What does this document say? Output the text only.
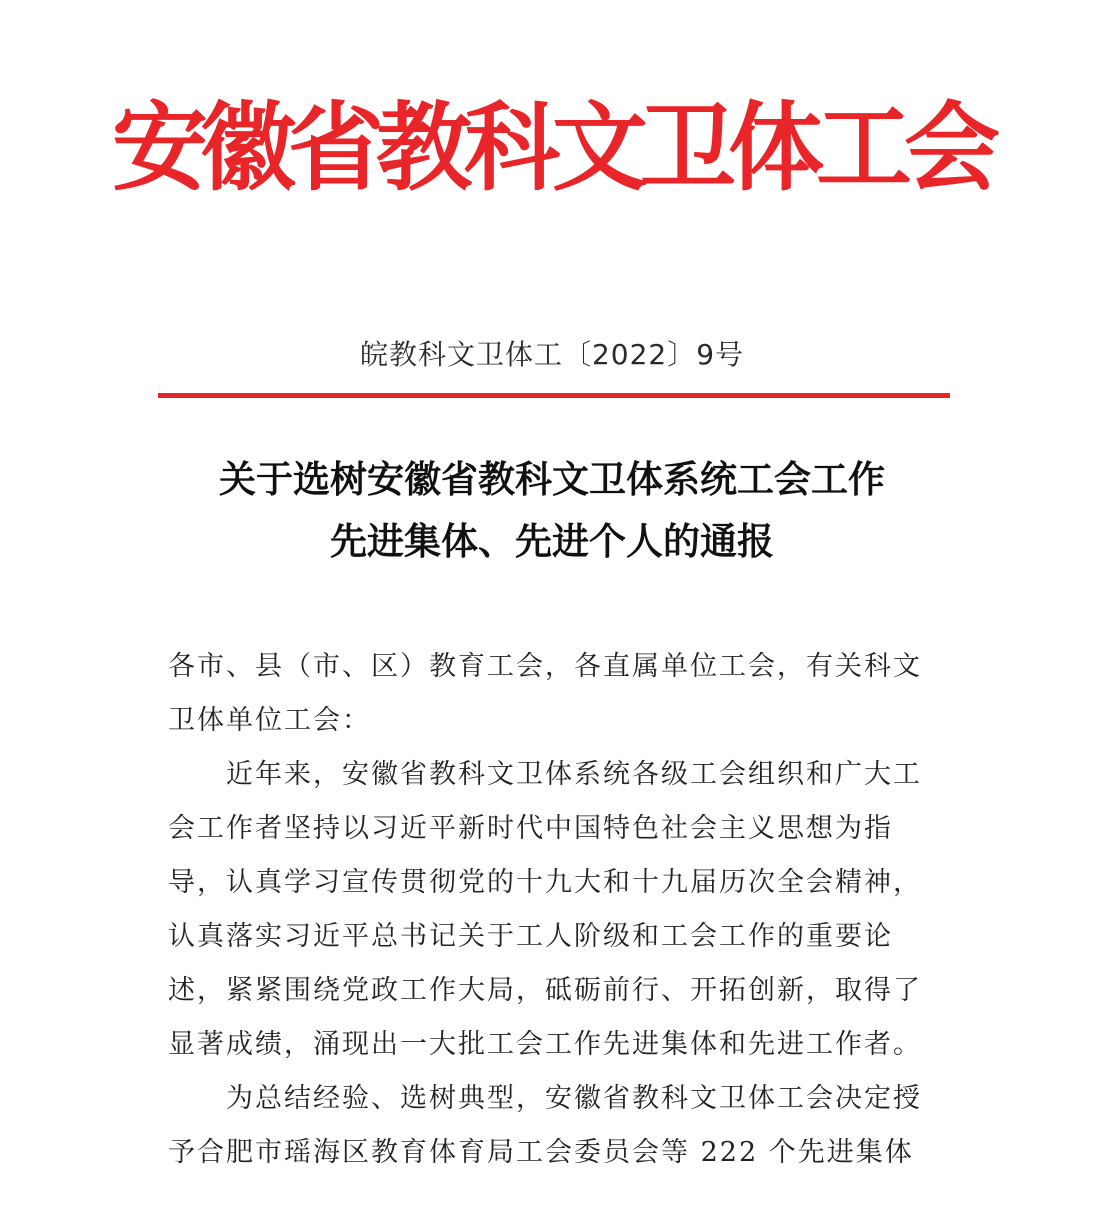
安徽省教科文卫体工会
皖教科文卫体工〔2022〕9号
关于选树安徽省教科文卫体系统工会工作
先进集体、先进个人的通报
各市、县（市、区）教育工会，各直属单位工会，有关科文
卫体单位工会：
近年来，安徽省教科文卫体系统各级工会组织和广大工
会工作者坚持以习近平新时代中国特色社会主义思想为指
导，认真学习宣传贯彻党的十九大和十九届历次全会精神，
认真落实习近平总书记关于工人阶级和工会工作的重要论
述，紧紧围绕党政工作大局，砥砺前行、开拓创新，取得了
显著成绩，涌现出一大批工会工作先进集体和先进工作者。
为总结经验、选树典型，安徽省教科文卫体工会决定授
予合肥市瑶海区教育体育局工会委员会等 222 个先进集体
